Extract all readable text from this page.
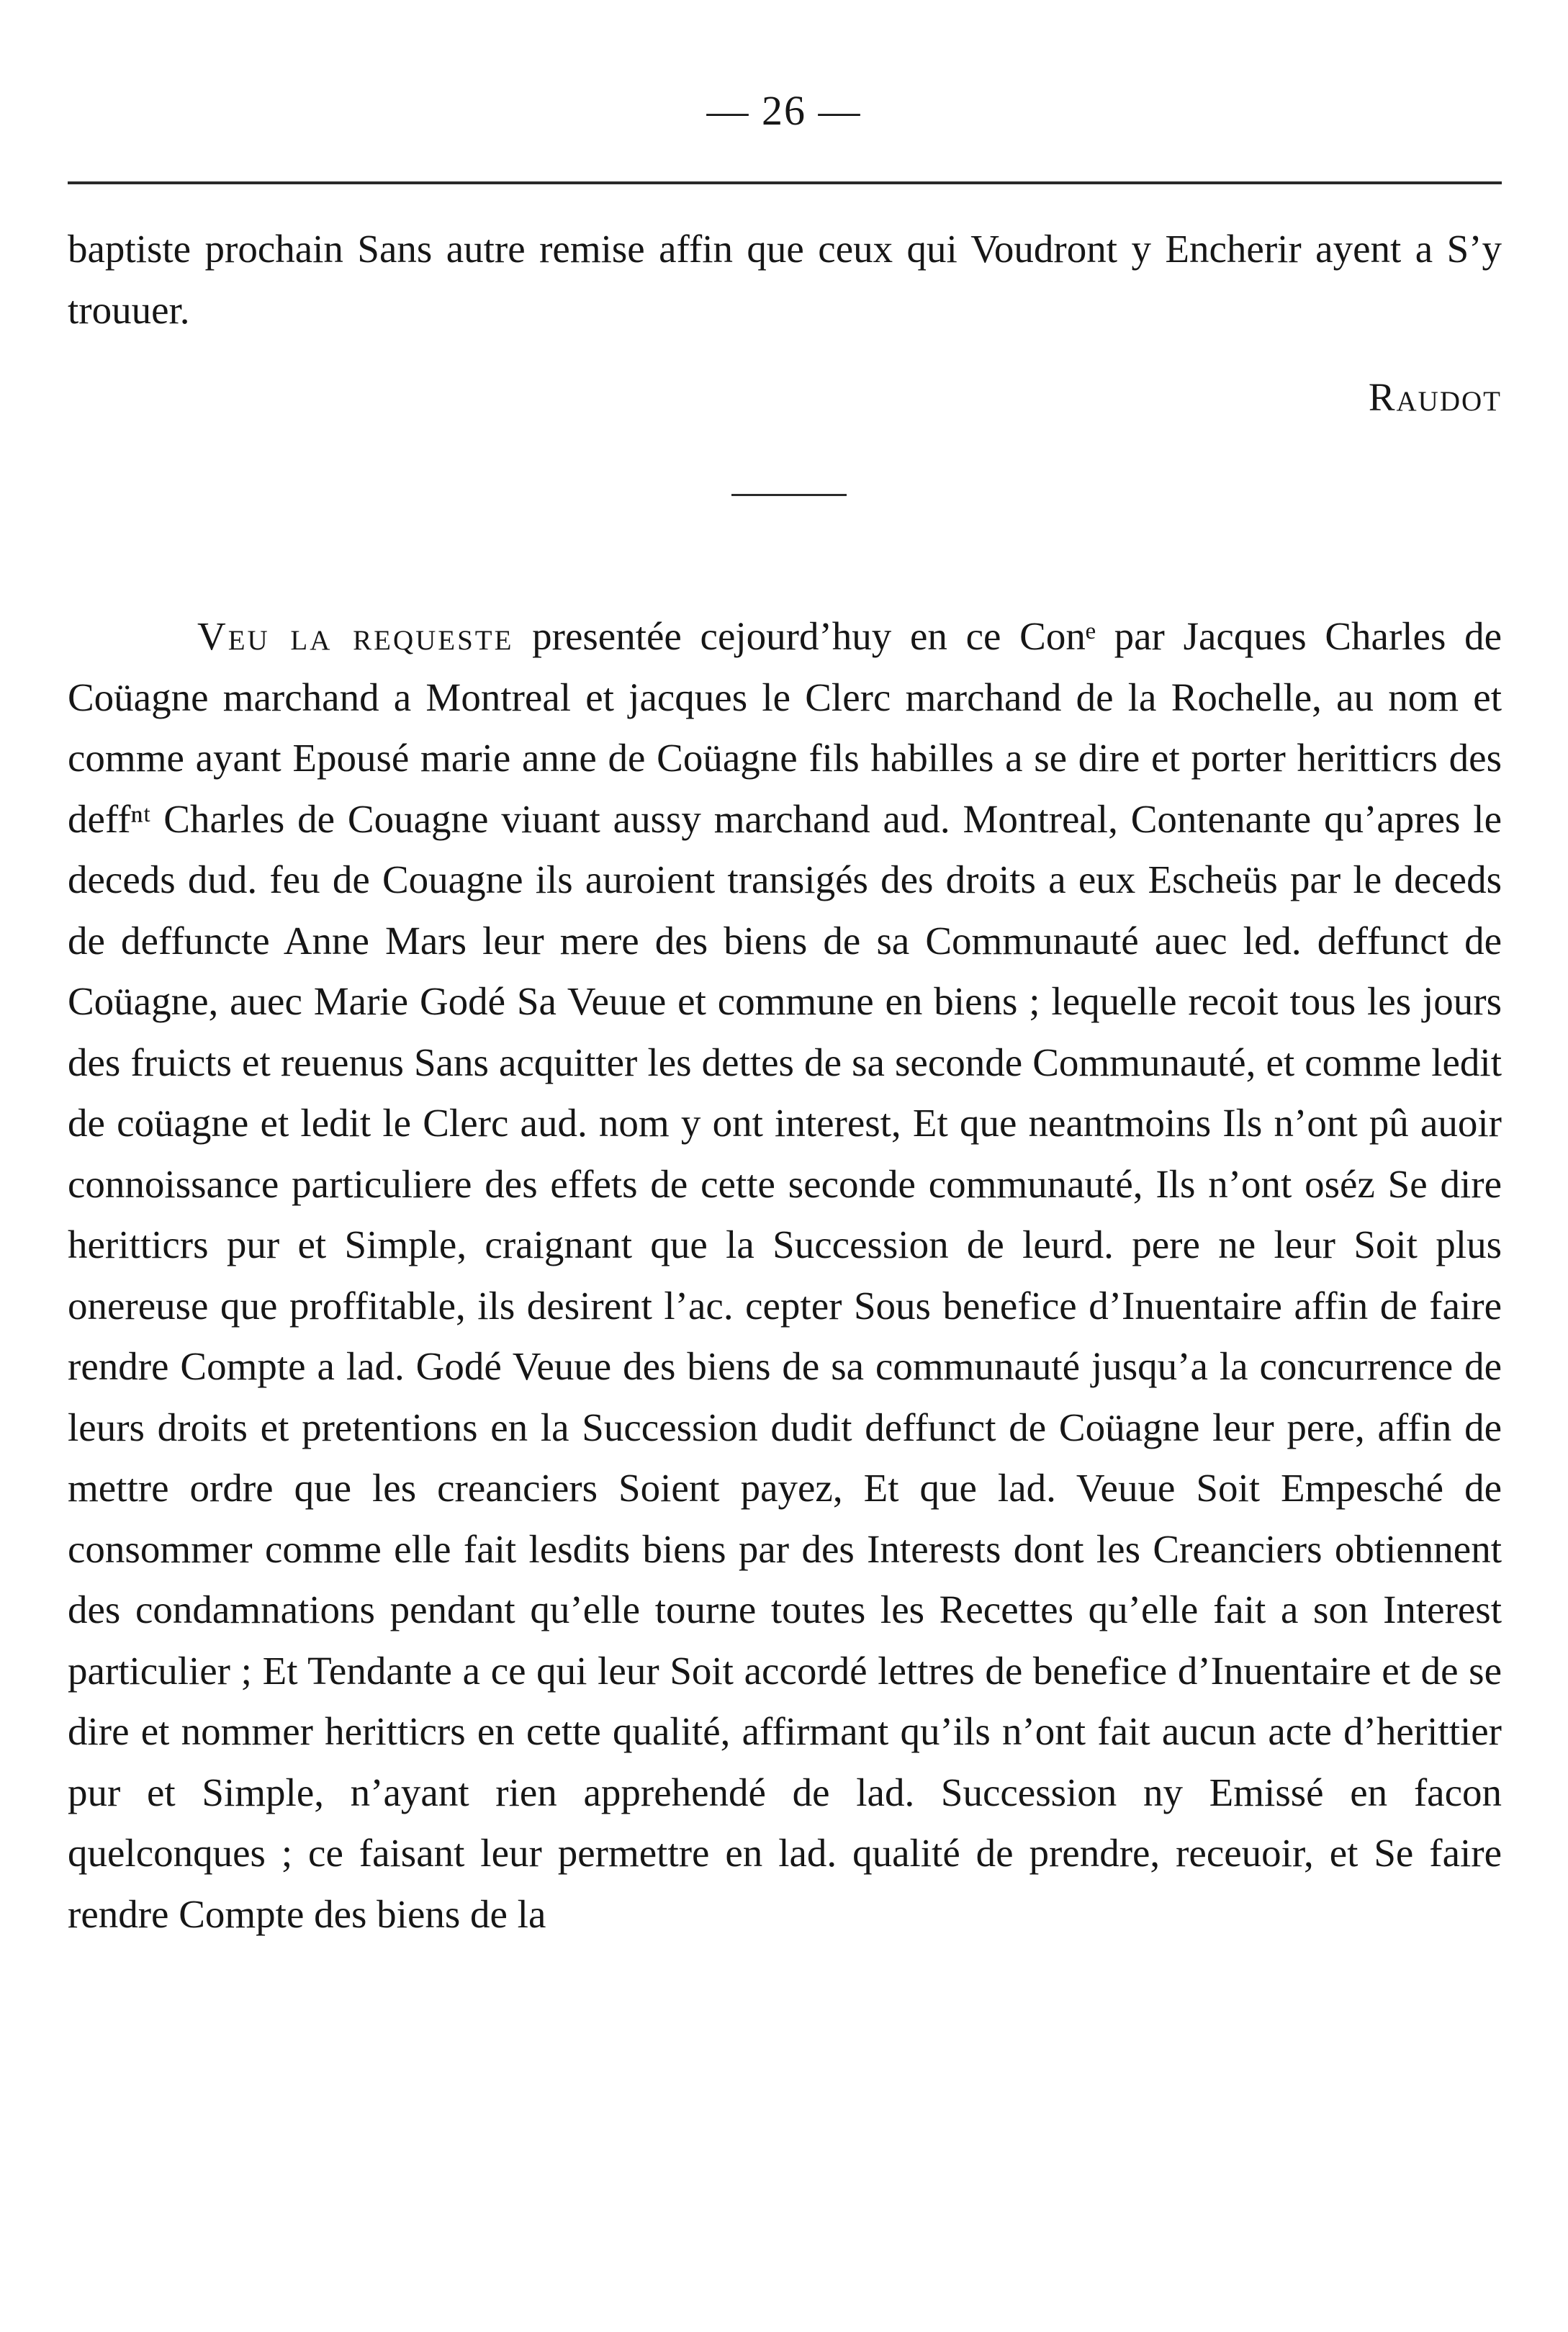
— 26 —

baptiste prochain Sans autre remise affin que ceux qui Voudront y Encherir ayent a S’y trouuer.

Raudot

Veu la requeste presentée cejourd’huy en ce Conᵉ par Jacques Charles de Coüagne marchand a Montreal et jacques le Clerc marchand de la Rochelle, au nom et comme ayant Epousé marie anne de Coüagne fils habilles a se dire et porter heritticrs des deffⁿᵗ Charles de Couagne viuant aussy marchand aud. Montreal, Contenante qu’apres le deceds dud. feu de Couagne ils auroient transigés des droits a eux Escheüs par le deceds de deffuncte Anne Mars leur mere des biens de sa Communauté auec led. deffunct de Coüagne, auec Marie Godé Sa Veuue et commune en biens ; lequelle recoit tous les jours des fruicts et reuenus Sans acquitter les dettes de sa seconde Communauté, et comme ledit de coüagne et ledit le Clerc aud. nom y ont interest, Et que neantmoins Ils n’ont pû auoir connoissance particuliere des effets de cette seconde communauté, Ils n’ont oséz Se dire heritticrs pur et Simple, craignant que la Succession de leurd. pere ne leur Soit plus onereuse que proffitable, ils desirent l’ac. cepter Sous benefice d’Inuentaire affin de faire rendre Compte a lad. Godé Veuue des biens de sa communauté jusqu’a la concurrence de leurs droits et pretentions en la Succession dudit deffunct de Coüagne leur pere, affin de mettre ordre que les creanciers Soient payez, Et que lad. Veuue Soit Empesché de consommer comme elle fait lesdits biens par des Interests dont les Creanciers obtiennent des condamnations pendant qu’elle tourne toutes les Recettes qu’elle fait a son Interest particulier ; Et Tendante a ce qui leur Soit accordé lettres de benefice d’Inuentaire et de se dire et nommer heritticrs en cette qualité, affirmant qu’ils n’ont fait aucun acte d’herittier pur et Simple, n’ayant rien apprehendé de lad. Succession ny Emissé en facon quelconques ; ce faisant leur permettre en lad. qualité de prendre, receuoir, et Se faire rendre Compte des biens de la
